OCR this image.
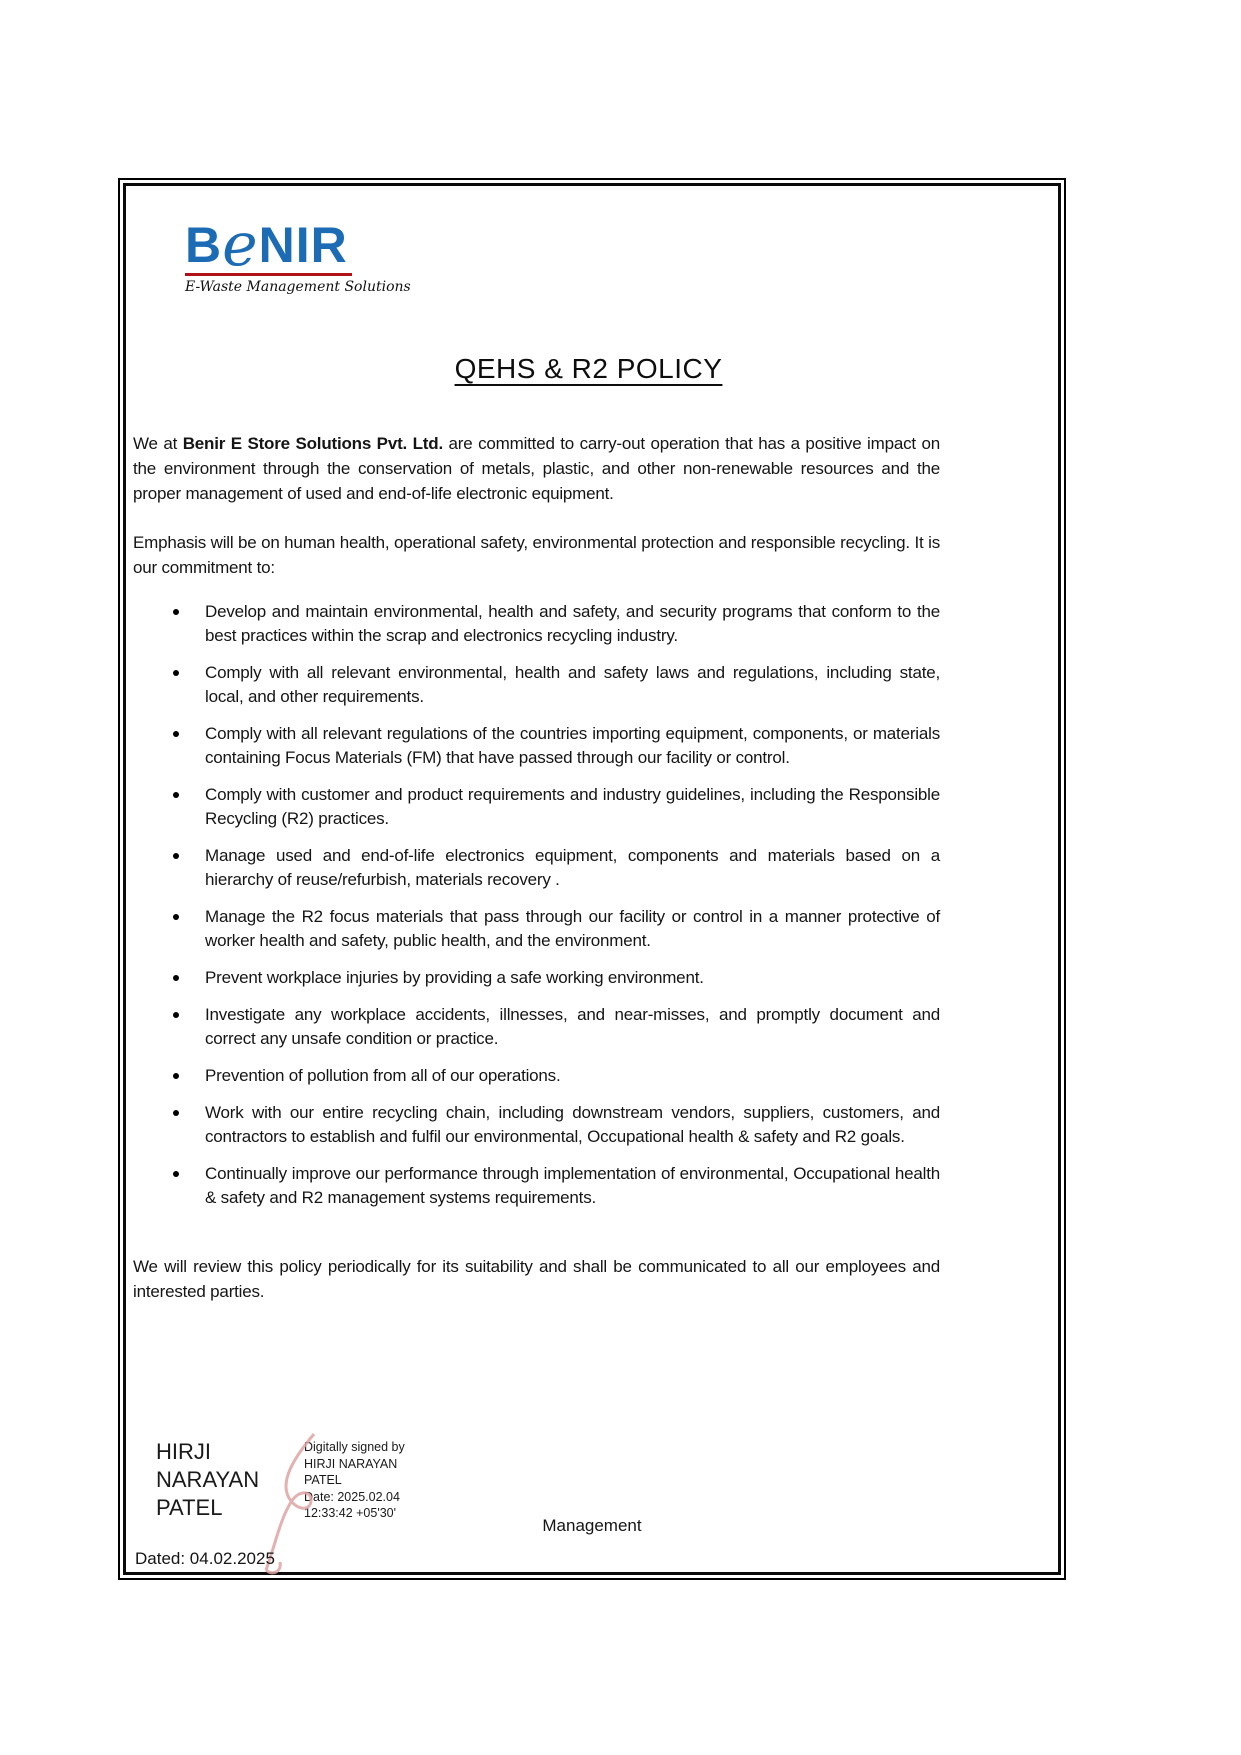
BeNIR
E-Waste Management Solutions
QEHS & R2 POLICY
We at Benir E Store Solutions Pvt. Ltd. are committed to carry-out operation that has a positive impact on the environment through the conservation of metals, plastic, and other non-renewable resources and the proper management of used and end-of-life electronic equipment.
Emphasis will be on human health, operational safety, environmental protection and responsible recycling. It is our commitment to:
Develop and maintain environmental, health and safety, and security programs that conform to the best practices within the scrap and electronics recycling industry.
Comply with all relevant environmental, health and safety laws and regulations, including state, local, and other requirements.
Comply with all relevant regulations of the countries importing equipment, components, or materials containing Focus Materials (FM) that have passed through our facility or control.
Comply with customer and product requirements and industry guidelines, including the Responsible Recycling (R2) practices.
Manage used and end-of-life electronics equipment, components and materials based on a hierarchy of reuse/refurbish, materials recovery .
Manage the R2 focus materials that pass through our facility or control in a manner protective of worker health and safety, public health, and the environment.
Prevent workplace injuries by providing a safe working environment.
Investigate any workplace accidents, illnesses, and near-misses, and promptly document and correct any unsafe condition or practice.
Prevention of pollution from all of our operations.
Work with our entire recycling chain, including downstream vendors, suppliers, customers, and contractors to establish and fulfil our environmental, Occupational health & safety and R2 goals.
Continually improve our performance through implementation of environmental, Occupational health & safety and R2 management systems requirements.
We will review this policy periodically for its suitability and shall be communicated to all our employees and interested parties.
HIRJI NARAYAN PATEL
Digitally signed by
HIRJI NARAYAN
PATEL
Date: 2025.02.04
12:33:42 +05'30'
Management
Dated: 04.02.2025
